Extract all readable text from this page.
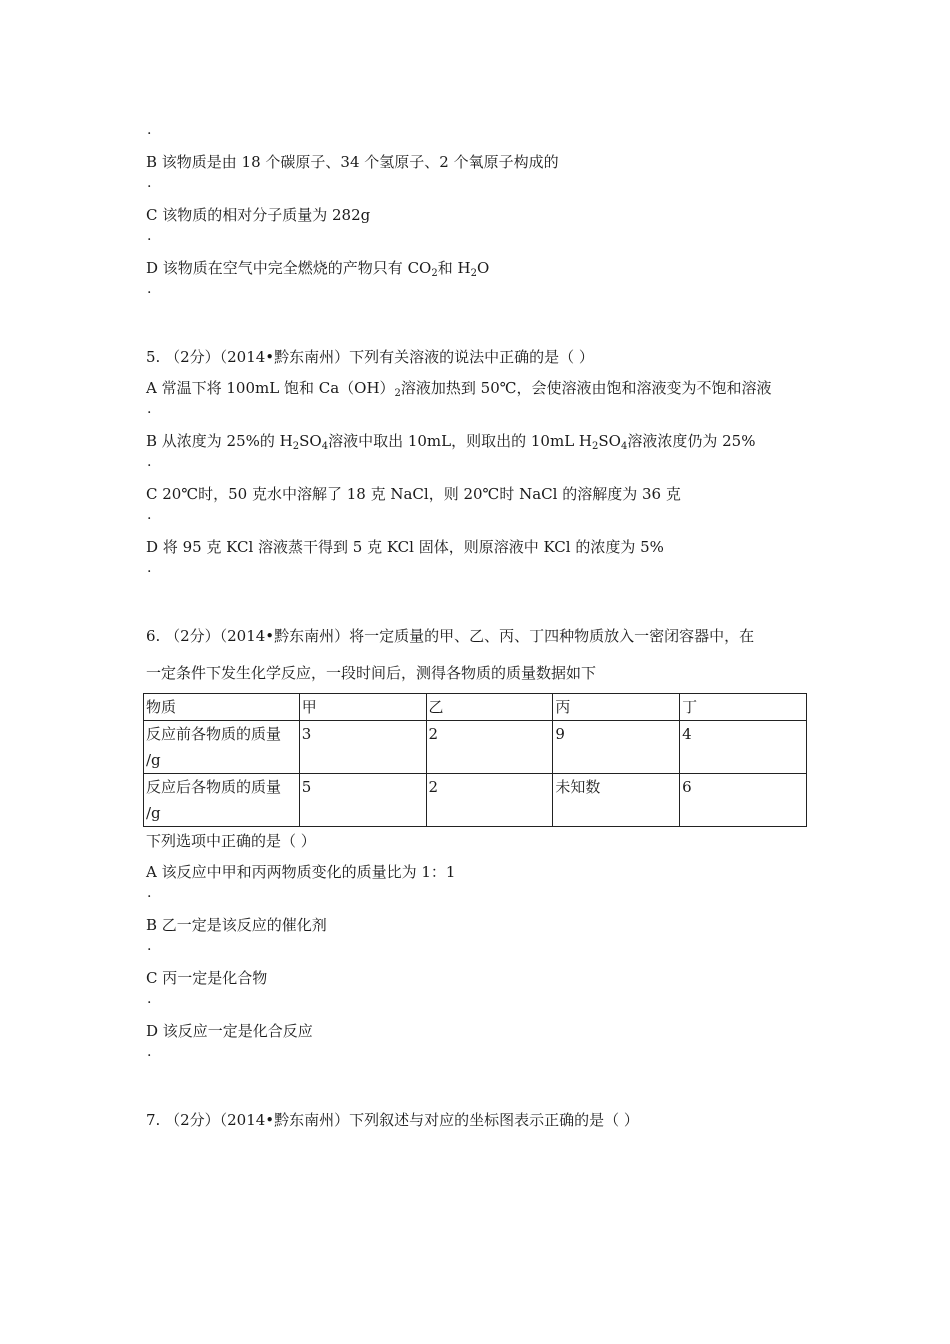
.
B 该物质是由 18 个碳原子、34 个氢原子、2 个氧原子构成的
.
C 该物质的相对分子质量为 282g
.
D 该物质在空气中完全燃烧的产物只有 $CO_2$和 $H_2O$
.
5. （2分）（2014•黔东南州）下列有关溶液的说法中正确的是（ ）
A 常温下将 100mL 饱和 $Ca(OH)_2$溶液加热到 50℃，会使溶液由饱和溶液变为不饱和溶液
.
B 从浓度为 25%的 $H_2SO_4$溶液中取出 10mL，则取出的 10mL $H_2SO_4$溶液浓度仍为 25%
.
C 20℃时，50 克水中溶解了 18 克 NaCl，则 20℃时 NaCl 的溶解度为 36 克
.
D 将 95 克 KCl 溶液蒸干得到 5 克 KCl 固体，则原溶液中 KCl 的浓度为 5%
.
6. （2分）（2014•黔东南州）将一定质量的甲、乙、丙、丁四种物质放入一密闭容器中，在
一定条件下发生化学反应，一段时间后，测得各物质的质量数据如下
物质	甲	乙	丙	丁

反应前各物质的质量
/g	3	2	9	4

反应后各物质的质量
/g	5	2	未知数	6
下列选项中正确的是（ ）
A 该反应中甲和丙两物质变化的质量比为 1：1
.
B 乙一定是该反应的催化剂
.
C 丙一定是化合物
.
D 该反应一定是化合反应
.
7. （2分）（2014•黔东南州）下列叙述与对应的坐标图表示正确的是（ ）
